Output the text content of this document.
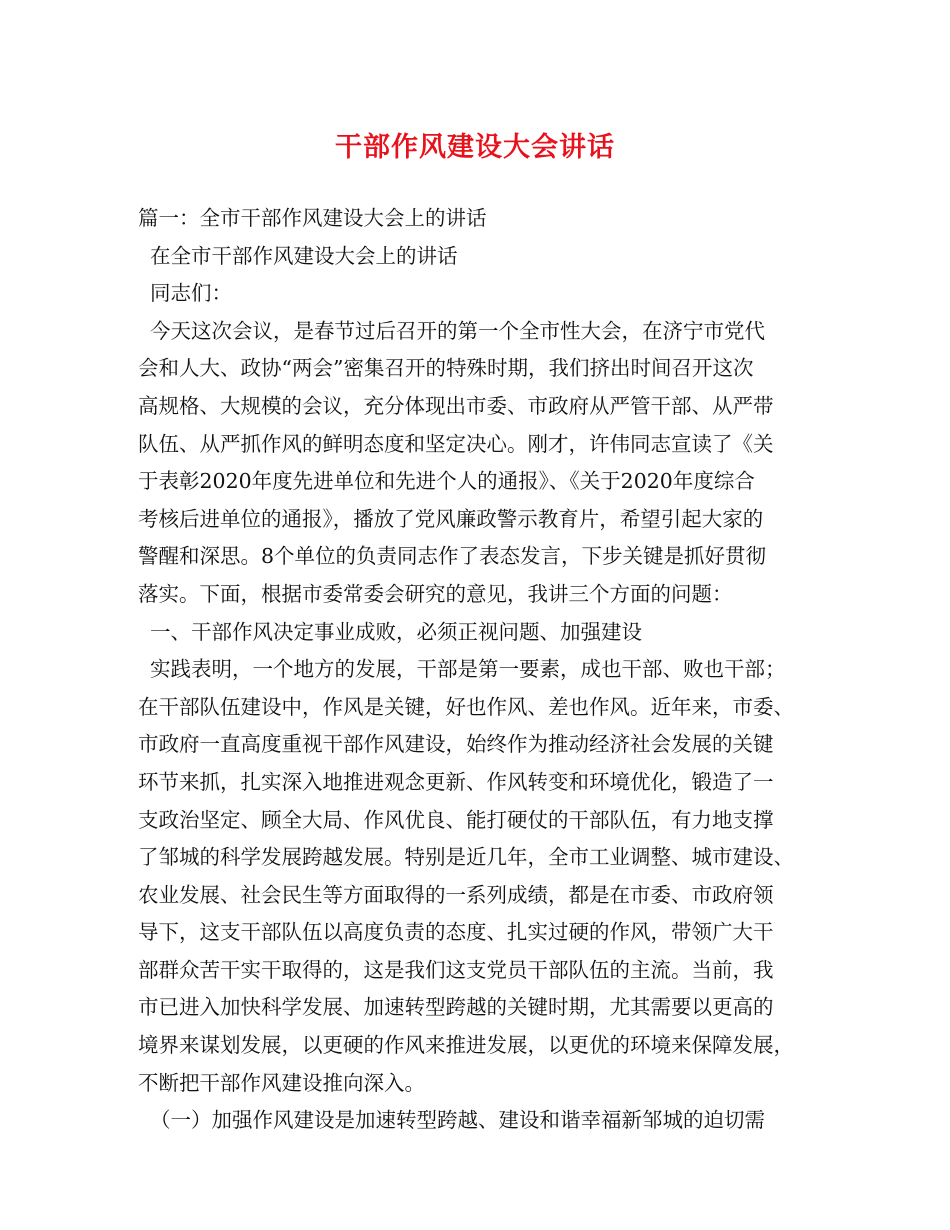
干部作风建设大会讲话
篇一：全市干部作风建设大会上的讲话
在全市干部作风建设大会上的讲话
同志们：
今天这次会议，是春节过后召开的第一个全市性大会，在济宁市党代
会和人大、政协“两会”密集召开的特殊时期，我们挤出时间召开这次
高规格、大规模的会议，充分体现出市委、市政府从严管干部、从严带
队伍、从严抓作风的鲜明态度和坚定决心。刚才，许伟同志宣读了《关
于表彰2020年度先进单位和先进个人的通报》、《关于2020年度综合
考核后进单位的通报》，播放了党风廉政警示教育片，希望引起大家的
警醒和深思。8个单位的负责同志作了表态发言，下步关键是抓好贯彻
落实。下面，根据市委常委会研究的意见，我讲三个方面的问题：
一、干部作风决定事业成败，必须正视问题、加强建设
实践表明，一个地方的发展，干部是第一要素，成也干部、败也干部；
在干部队伍建设中，作风是关键，好也作风、差也作风。近年来，市委、
市政府一直高度重视干部作风建设，始终作为推动经济社会发展的关键
环节来抓，扎实深入地推进观念更新、作风转变和环境优化，锻造了一
支政治坚定、顾全大局、作风优良、能打硬仗的干部队伍，有力地支撑
了邹城的科学发展跨越发展。特别是近几年，全市工业调整、城市建设、
农业发展、社会民生等方面取得的一系列成绩，都是在市委、市政府领
导下，这支干部队伍以高度负责的态度、扎实过硬的作风，带领广大干
部群众苦干实干取得的，这是我们这支党员干部队伍的主流。当前，我
市已进入加快科学发展、加速转型跨越的关键时期，尤其需要以更高的
境界来谋划发展，以更硬的作风来推进发展，以更优的环境来保障发展，
不断把干部作风建设推向深入。
（一）加强作风建设是加速转型跨越、建设和谐幸福新邹城的迫切需
